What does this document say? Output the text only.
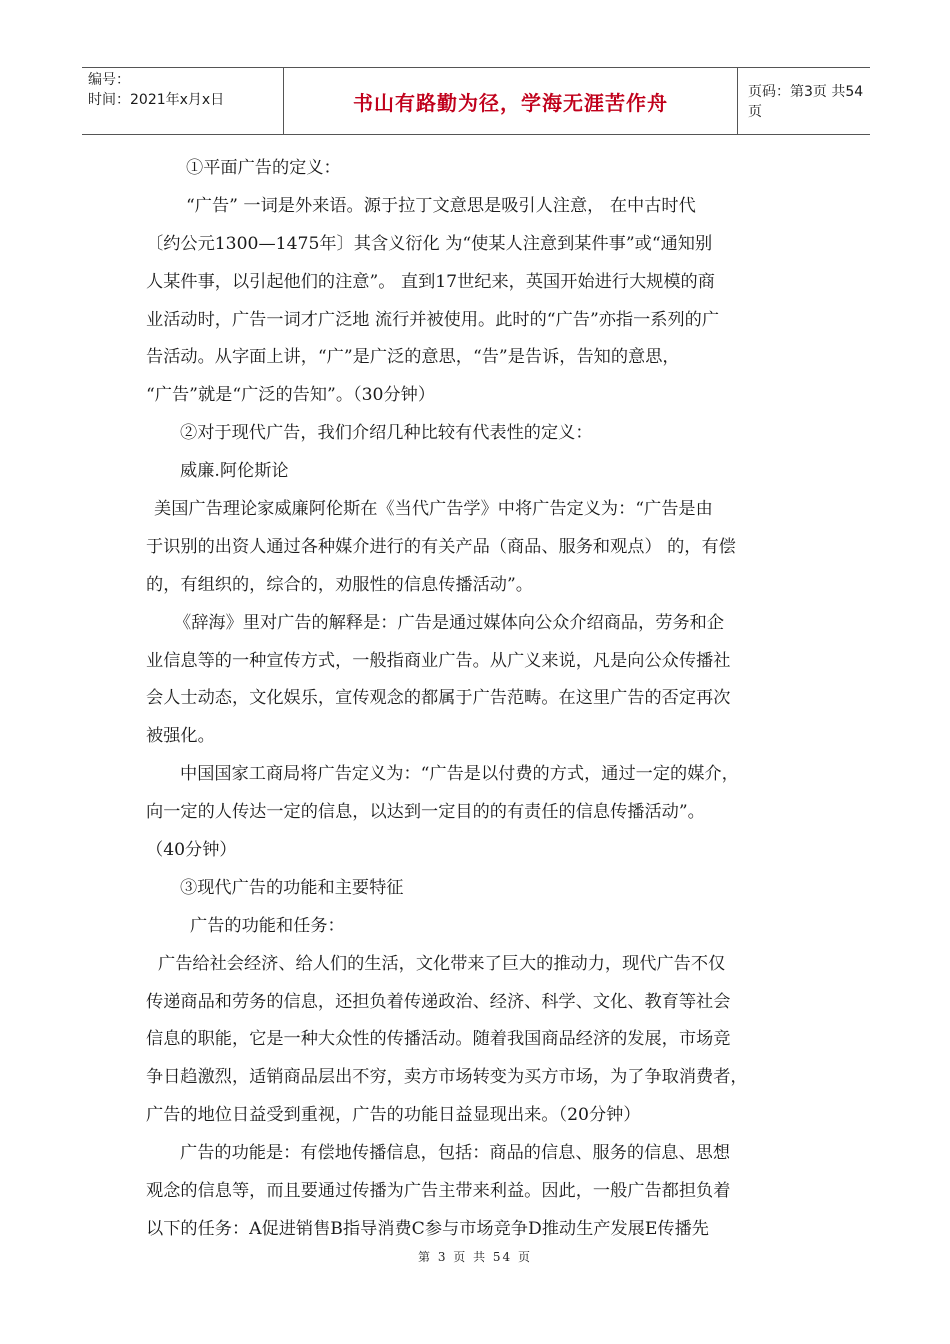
编号：
时间：2021年x月x日	书山有路勤为径，学海无涯苦作舟	页码：第3页 共54页
①平面广告的定义：
“广告” 一词是外来语。源于拉丁文意思是吸引人注意， 在中古时代
〔约公元1300—1475年〕其含义衍化 为“使某人注意到某件事”或“通知别
人某件事，以引起他们的注意”。 直到17世纪来，英国开始进行大规模的商
业活动时，广告一词才广泛地 流行并被使用。此时的“广告”亦指一系列的广
告活动。从字面上讲，“广”是广泛的意思，“告”是告诉，告知的意思，
“广告”就是“广泛的告知”。（30分钟）
②对于现代广告，我们介绍几种比较有代表性的定义：
威廉.阿伦斯论
美国广告理论家威廉阿伦斯在《当代广告学》中将广告定义为：“广告是由
于识别的出资人通过各种媒介进行的有关产品（商品、服务和观点） 的，有偿
的，有组织的，综合的，劝服性的信息传播活动”。
《辞海》里对广告的解释是：广告是通过媒体向公众介绍商品，劳务和企
业信息等的一种宣传方式，一般指商业广告。从广义来说，凡是向公众传播社
会人士动态，文化娱乐，宣传观念的都属于广告范畴。在这里广告的否定再次
被强化。
中国国家工商局将广告定义为：“广告是以付费的方式，通过一定的媒介，
向一定的人传达一定的信息，以达到一定目的的有责任的信息传播活动”。
（40分钟）
③现代广告的功能和主要特征
广告的功能和任务：
广告给社会经济、给人们的生活，文化带来了巨大的推动力，现代广告不仅
传递商品和劳务的信息，还担负着传递政治、经济、科学、文化、教育等社会
信息的职能，它是一种大众性的传播活动。随着我国商品经济的发展，市场竞
争日趋激烈，适销商品层出不穷，卖方市场转变为买方市场，为了争取消费者，
广告的地位日益受到重视，广告的功能日益显现出来。（20分钟）
广告的功能是：有偿地传播信息，包括：商品的信息、服务的信息、思想
观念的信息等，而且要通过传播为广告主带来利益。因此，一般广告都担负着
以下的任务：A促进销售B指导消费C参与市场竞争D推动生产发展E传播先
第 3 页 共 54 页
